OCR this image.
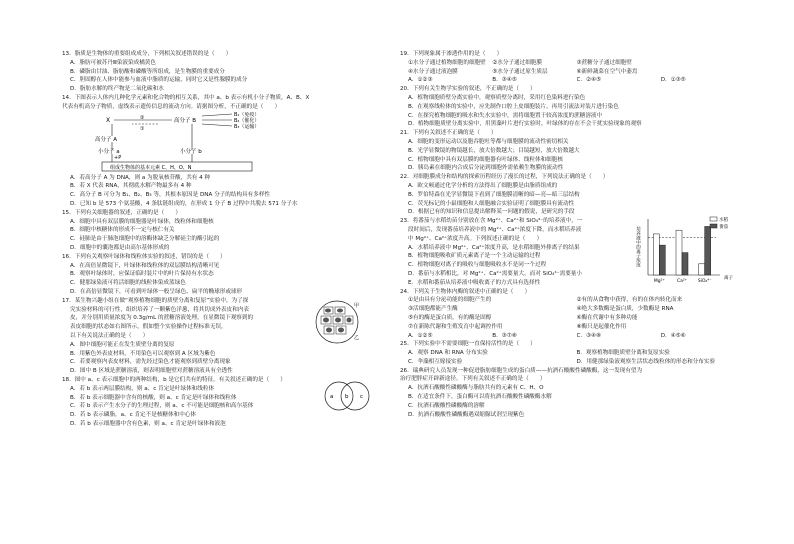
13．脂质是生物体的重要组成成分，下列相关叙述错误的是（　　）
A．脂肪可被苏丹Ⅲ染液染成橘黄色
B．磷脂由甘油、脂肪酸和磷酸等所组成，是生物膜的重要成分
C．胆固醇在人体中能参与血液中脂质的运输，同时它又是性腺膜的成分
D．脂肪水解的终产物是二氧化碳和水
14．下图表示人体内几种化学元素和化合物的相互关系，其中 a、b 表示有机小分子物质，A、B、X
代表有机高分子物质，虚线表示遗传信息的流动方向。请据图分析，不正确的是（　　）
X	②
①
高分子 B
高分子 A
小分子 a	小分子 b
+P
B₁（免疫）
B₂（催化）
B₃（运输）
组成生物体的基本元素 C、H、O、N
A．若高分子 A 为 DNA，则 a 为脱氧核苷酸，共有 4 种
B．若 X 代表 RNA，其彻底水解产物最多有 4 种
C．高分子 B 可分为 B₁、B₂、B₃ 等，其根本原因是 DNA 分子的结构具有多样性
D．已知 b 是 573 个氨基酸，4 条肽链组成的，在形成 1 分子 B 过程中共脱去 571 分子水
15．下列有关细胞器的叙述，正确的是（　　）
A．细胞中具有双层膜的细胞器是叶绿体，线粒体和细胞核
B．细胞中核糖体的形成不一定与核仁有关
C．硅肺是由于肺泡细胞中的溶酶体缺乏分解硅尘的酶引起的
D．细胞中的囊泡都是由高尔基体形成的
16．下列有关观察叶绿体和线粒体实验的叙述，错误的是（　　）
A．在高倍显微镜下，叶绿体和线粒体的双层膜结构清晰可见
B．观察叶绿体时，应保证临时装片中的叶片保持有水状态
C．健那绿染液可将活细胞的线粒体染成蓝绿色
D．在高倍显微镜下，可看到叶绿体一般呈绿色、扁平的椭球形或球形
17．某生物兴趣小组在做“观察植物细胞的质壁分离和复原”实验中，为了探
究实验材料的可行性，组织培养了一颗紫色洋葱，将其切成外表皮和内表
皮，并分别用质量浓度为 0.3g/mL 的蔗糖溶液处理，在显微镜下观察到的
表皮细胞的状态如右图所示，假如整个实验操作过程标准无误，
以下有关说法正确的是（　　）
A．图中细胞可能正在发生质壁分离的复原
B．用紫色外表皮材料，不用染色可以观察到 A 区域为紫色
C．若要观察内表皮材料，需先经过染色才能观察到质壁分离现象
D．图中 B 区域是蔗糖溶液，则表明细胞壁对蔗糖溶液具有全透性
甲
乙
18．图中 a、c 表示细胞中的两种结构，b 是它们共有的特征，有关叙述正确的是（　　）
A．若 b 表示两层膜结构，则 a、c 肯定是叶绿体和线粒体
B．若 b 表示细胞器中含有的核酸，则 a、c 肯定是叶绿体和线粒体
C．若 b 表示产生水分子的生理过程，则 a、c 不可能是细胞核和高尔基体
D．若 b 表示磷脂，a、c 肯定不是核糖体和中心体
D．若 b 表示细胞器中含有色素，则 a、c 肯定是叶绿体和液泡
a b c
19．下列现象属于渗透作用的是（　　）
①水分子通过植物细胞的细胞壁	②水分子通过细胞膜	③蔗糖分子通过细胞壁
④水分子通过液泡膜	⑤水分子通过原生质层	⑥新鲜蔬菜在空气中萎焉
A．①②③	B．③④⑤	C．②④⑤	D．①③⑤
20．下列有关生物学实验的叙述，不正确的是（　　）
A．植物细胞质壁分离实验中，观察质壁分离时，采用红色染料进行染色
B．在观察线粒体的实验中，应先制作口腔上皮细胞装片，再用引流法对装片进行染色
C．在探究植物细胞的吸水和失水实验中，需将细胞置于较高浓度的蔗糖溶液中
D．植物细胞质壁分离实验中，用黑藻叶片进行实验时，叶绿体的存在不会干扰实验现象的观察
21．下列有关叙述不正确的是（　　）
A．细胞的变形运动以及胞吞胞吐等都与细胞膜的流动性密切相关
B．光学显微镜的物镜越长，放大倍数越大；目镜越短，放大倍数越大
C．植物细胞中具有双层膜的细胞器有叶绿体、线粒体和细胞核
D．胰岛素在细胞内合成后分泌到细胞外需依赖生物膜的流动性
22．对细胞膜成分和结构的探索历程经历了漫长的过程，下列说法正确的是（　　）
A．欧文顿通过化学分析的方法得出了细胞膜是由脂质组成的
B．罗伯特森在光学显微镜下看到了细胞膜清晰的暗—亮—暗三层结构
C．荧光标记的小鼠细胞和人细胞融合实验证明了细胞膜具有流动性
D．根据已有的知识和信息提出解释某一问题的假说，是研究的手段
23．将番茄与水稻幼苗分别放在含 Mg²⁺、Ca²⁺和 SiO₄⁴⁻的培养液中，一
段时间后，发现番茄培养液中的 Mg²⁺、Ca²⁺浓度下降，而水稻培养液
中 Mg²⁺、Ca²⁺浓度升高。下列叙述正确的是（　　）
A．水稻培养液中 Mg²⁺、Ca²⁺浓度升高，是水稻细胞外排离子的结果
B．植物细胞吸收矿质元素离子是一个主动运输的过程
C．植物细胞对离子的吸收与细胞吸收水不是同一个过程
D．番茄与水稻相比，对 Mg²⁺、Ca²⁺需要量大，而对 SiO₄⁴⁻需要量小
E．水稻和番茄从培养液中吸收离子的方式具有选择性
培养液中的离子浓度
Mg²⁺	Ca²⁺ SiO₄⁴⁻
离子
水稻
番茄
24．下列关于生物体内酶的叙述中正确的是（　　）
①是由具有分泌功能的细胞产生的	②有的从食物中获得，有的在体内转化而来
③活细胞都能产生酶	④绝大多数酶是蛋白质，少数酶是 RNA
⑤有的酶是蛋白质，有的酶是固醇	⑥酶在代谢中有多种功能
⑦在新陈代谢和生殖发育中起调控作用	⑧酶只是起催化作用
A．①②⑤	B．③⑦⑧	C．③④⑧	D．④⑤⑥
25．下列实验中不需要细胞一直保持活性的是（　　）
A．观察 DNA 和 RNA 分布实验	B．观察植物细胞质壁分离和复原实验
C．伞藻相互嫁接实验	D．用健那绿染液观察生活状态线粒体的形态和分布实验
26．瑞典研究人员发现一种促进脂肪细胞生成的蛋白质——抗酒石酸酸性磷酸酶，这一发现有望为
治疗肥胖症开辟新途径。下列有关叙述不正确的是（　　）
A．抗酒石酸酸性磷酸酶与脂肪共有的元素有 C、H、O
B．在适宜条件下，蛋白酶可以将抗酒石酸酸性磷酸酶水解
C．抗酒石酸酸性磷酸酶的溶解
D．抗酒石酸酸性磷酸酶遇双缩脲试剂呈现紫色
